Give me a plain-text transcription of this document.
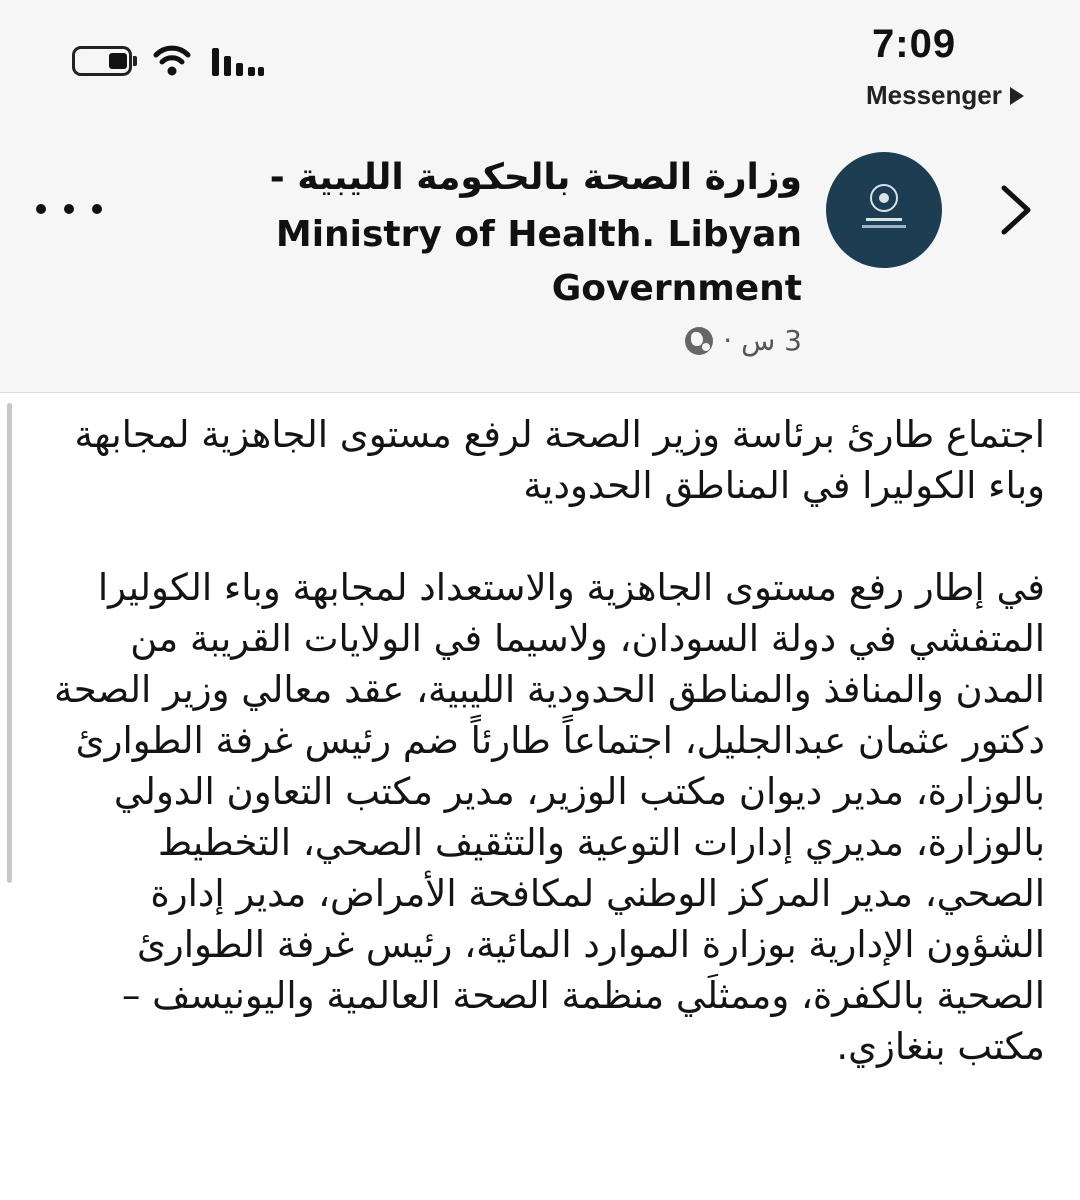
7:09
Messenger
وزارة الصحة بالحكومة الليبية -
Ministry of Health. Libyan
Government
3 س ·
اجتماع طارئ برئاسة وزير الصحة لرفع مستوى الجاهزية لمجابهة وباء الكوليرا في المناطق الحدودية
في إطار رفع مستوى الجاهزية والاستعداد لمجابهة وباء الكوليرا المتفشي في دولة السودان، ولاسيما في الولايات القريبة من المدن والمنافذ والمناطق الحدودية الليبية، عقد معالي وزير الصحة دكتور عثمان عبدالجليل، اجتماعاً طارئاً ضم رئيس غرفة الطوارئ بالوزارة، مدير ديوان مكتب الوزير، مدير مكتب التعاون الدولي بالوزارة، مديري إدارات التوعية والتثقيف الصحي، التخطيط الصحي، مدير المركز الوطني لمكافحة الأمراض، مدير إدارة الشؤون الإدارية بوزارة الموارد المائية، رئيس غرفة الطوارئ الصحية بالكفرة، وممثلَي منظمة الصحة العالمية واليونيسف – مكتب بنغازي.
